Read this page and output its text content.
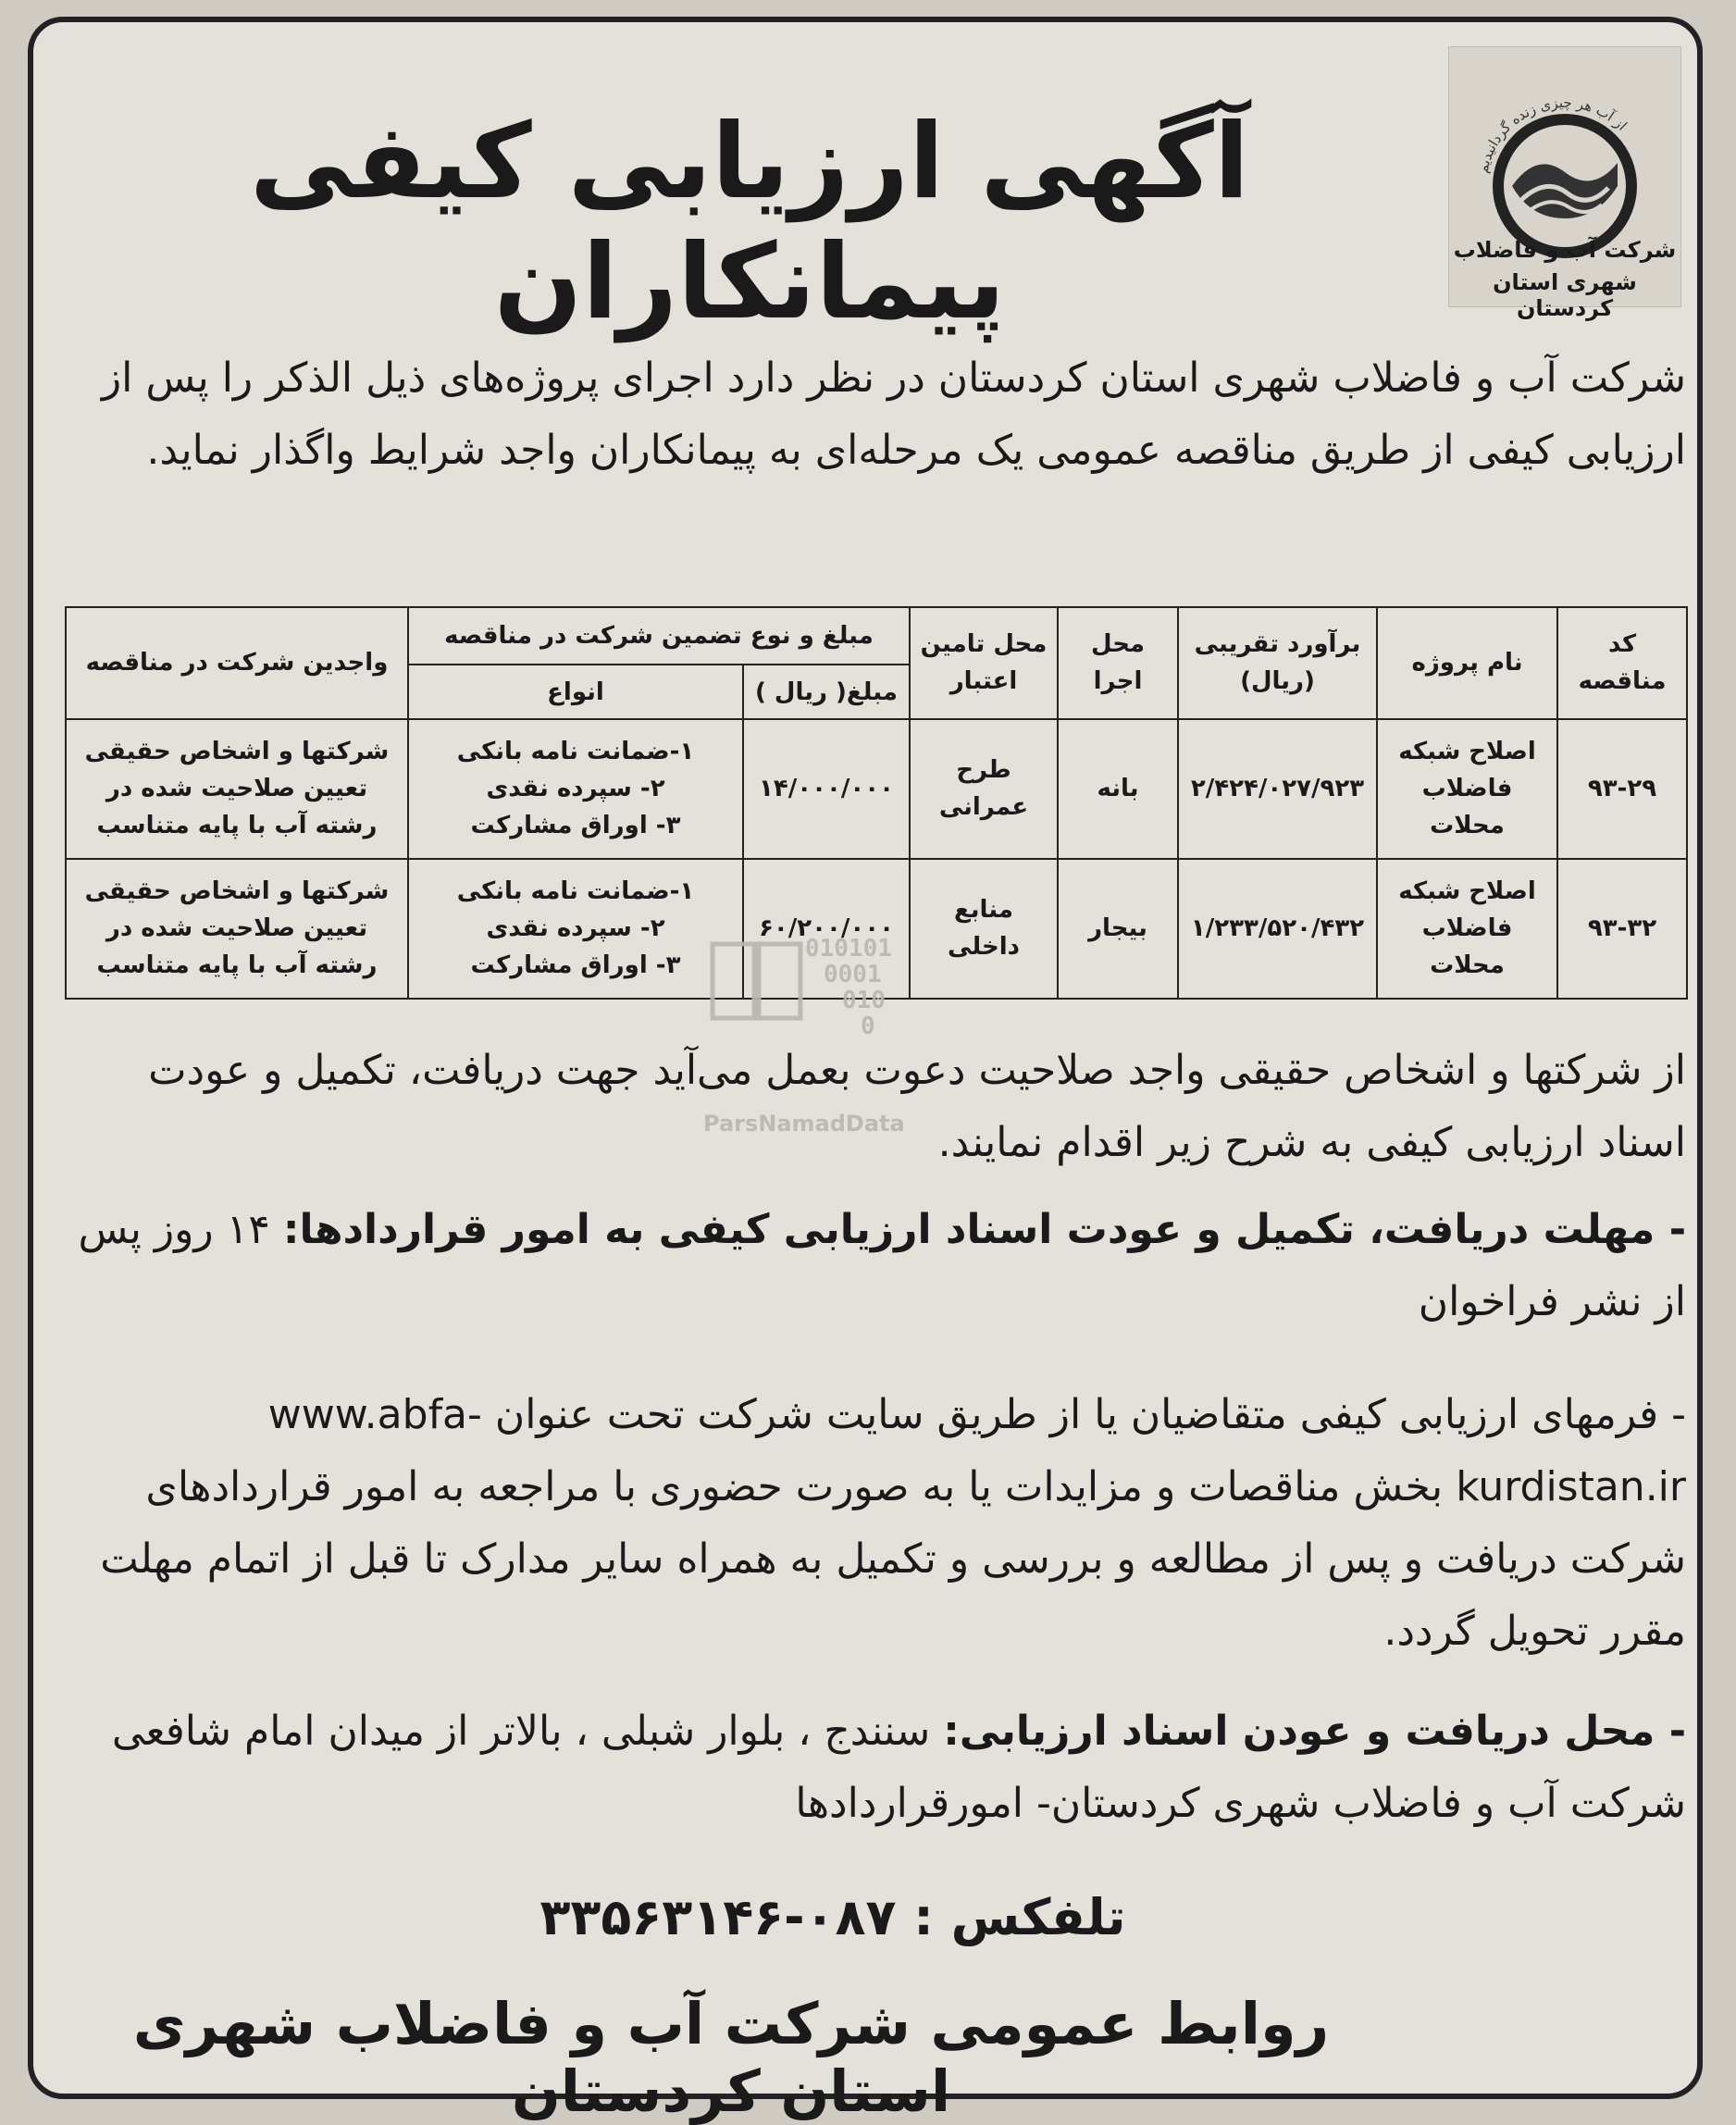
از آب هر چیزی زنده گردانیدیم
شرکت آب و فاضلاب
شهری استان کردستان
آگهی ارزیابی کیفی پیمانکاران
شرکت آب و فاضلاب شهری استان کردستان در نظر دارد اجرای پروژه‌های ذیل الذکر را پس از ارزیابی کیفی از طریق مناقصه عمومی یک مرحله‌ای به پیمانکاران واجد شرایط واگذار نماید.
کد مناقصه	نام پروژه	برآورد تقریبی (ریال)	محل اجرا	محل تامین اعتبار	مبلغ و نوع تضمین شرکت در مناقصه		واجدین شرکت در مناقصه
					مبلغ( ریال )	انواع	
۹۳-۲۹	اصلاح شبکه فاضلاب محلات	۲/۴۲۴/۰۲۷/۹۲۳	بانه	طرح عمرانی	۱۴/۰۰۰/۰۰۰	۱-ضمانت نامه بانکی
۲- سپرده نقدی
۳- اوراق مشارکت	شرکتها و اشخاص حقیقی تعیین صلاحیت شده در رشته آب با پایه متناسب
۹۳-۳۲	اصلاح شبکه فاضلاب محلات	۱/۲۳۳/۵۲۰/۴۳۲	بیجار	منابع داخلی	۶۰/۲۰۰/۰۰۰	۱-ضمانت نامه بانکی
۲- سپرده نقدی
۳- اوراق مشارکت	شرکتها و اشخاص حقیقی تعیین صلاحیت شده در رشته آب با پایه متناسب
010101
0001
010
0
ParsNamadData
از شرکتها و اشخاص حقیقی واجد صلاحیت دعوت بعمل می‌آید جهت دریافت، تکمیل و عودت اسناد ارزیابی کیفی به شرح زیر اقدام نمایند.
- مهلت دریافت، تکمیل و عودت اسناد ارزیابی کیفی به امور قراردادها: ۱۴ روز پس از نشر فراخوان
- فرمهای ارزیابی کیفی متقاضیان یا از طریق سایت شرکت تحت عنوان www.abfa-kurdistan.ir بخش مناقصات و مزایدات یا به صورت حضوری با مراجعه به امور قراردادهای شرکت دریافت و پس از مطالعه و بررسی و تکمیل به همراه سایر مدارک تا قبل از اتمام مهلت مقرر تحویل گردد.
- محل دریافت و عودن اسناد ارزیابی: سنندج ، بلوار شبلی ، بالاتر از میدان امام شافعی شرکت آب و فاضلاب شهری کردستان- امورقراردادها
تلفکس : ۰۸۷-۳۳۵۶۳۱۴۶
روابط عمومی شرکت آب و فاضلاب شهری استان کردستان
